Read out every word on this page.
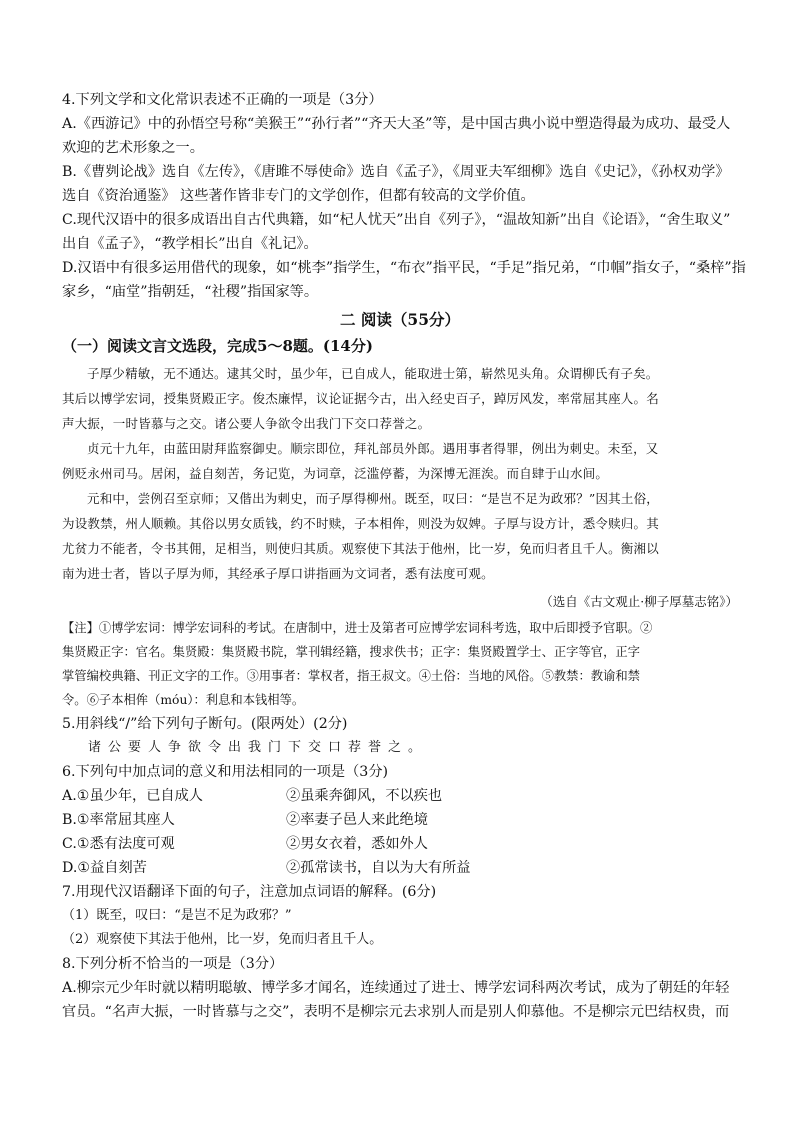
4.下列文学和文化常识表述不正确的一项是（3分）
A.《西游记》中的孙悟空号称“美猴王”“孙行者”“齐天大圣”等，是中国古典小说中塑造得最为成功、最受人
欢迎的艺术形象之一。
B.《曹刿论战》选自《左传》，《唐雎不辱使命》选自《孟子》，《周亚夫军细柳》选自《史记》，《孙权劝学》
选自《资治通鉴》 这些著作皆非专门的文学创作，但都有较高的文学价值。
C.现代汉语中的很多成语出自古代典籍，如“杞人忧天”出自《列子》，“温故知新”出自《论语》，“舍生取义”
出自《孟子》，“教学相长”出自《礼记》。
D.汉语中有很多运用借代的现象，如“桃李”指学生，“布衣”指平民，“手足”指兄弟，“巾帼”指女子，“桑梓”指
家乡，“庙堂”指朝廷，“社稷”指国家等。
二 阅读（55分）
（一）阅读文言文选段，完成5～8题。(14分)
子厚少精敏，无不通达。逮其父时，虽少年，已自成人，能取进士第，崭然见头角。众谓柳氏有子矣。
其后以博学宏词，授集贤殿正字。俊杰廉悍，议论证据今古，出入经史百子，踔厉风发，率常屈其座人。名
声大振，一时皆慕与之交。诸公要人争欲令出我门下交口荐誉之。
贞元十九年，由蓝田尉拜监察御史。顺宗即位，拜礼部员外郎。遇用事者得罪，例出为刺史。未至，又
例贬永州司马。居闲，益自刻苦，务记览，为词章，泛滥停蓄，为深博无涯涘。而自肆于山水间。
元和中，尝例召至京师；又偕出为刺史，而子厚得柳州。既至，叹曰：“是岂不足为政邪？”因其土俗，
为设教禁，州人顺赖。其俗以男女质钱，约不时赎，子本相侔，则没为奴婢。子厚与设方计，悉令赎归。其
尤贫力不能者，令书其佣，足相当，则使归其质。观察使下其法于他州，比一岁，免而归者且千人。衡湘以
南为进士者，皆以子厚为师，其经承子厚口讲指画为文词者，悉有法度可观。
（选自《古文观止·柳子厚墓志铭》）
【注】①博学宏词：博学宏词科的考试。在唐制中，进士及第者可应博学宏词科考选，取中后即授予官职。②
集贤殿正字：官名。集贤殿：集贤殿书院，掌刊辑经籍，搜求佚书；正字：集贤殿置学士、正字等官，正字
掌管编校典籍、刊正文字的工作。③用事者：掌权者，指王叔文。④土俗：当地的风俗。⑤教禁：教谕和禁
令。⑥子本相侔（móu）：利息和本钱相等。
5.用斜线“/”给下列句子断句。(限两处）(2分)
诸公要人争欲令出我门下交口荐誉之。
6.下列句中加点词的意义和用法相同的一项是（3分)
A.①虽少年，已自成人	②虽乘奔御风，不以疾也
B.①率常屈其座人	②率妻子邑人来此绝境
C.①悉有法度可观	②男女衣着，悉如外人
D.①益自刻苦	②孤常读书，自以为大有所益
7.用现代汉语翻译下面的句子，注意加点词语的解释。(6分)
（1）既至，叹曰：“是岂不足为政邪？”
（2）观察使下其法于他州，比一岁，免而归者且千人。
8.下列分析不恰当的一项是（3分）
A.柳宗元少年时就以精明聪敏、博学多才闻名，连续通过了进士、博学宏词科两次考试，成为了朝廷的年轻
官员。“名声大振，一时皆慕与之交”，表明不是柳宗元去求别人而是别人仰慕他。不是柳宗元巴结权贵，而
